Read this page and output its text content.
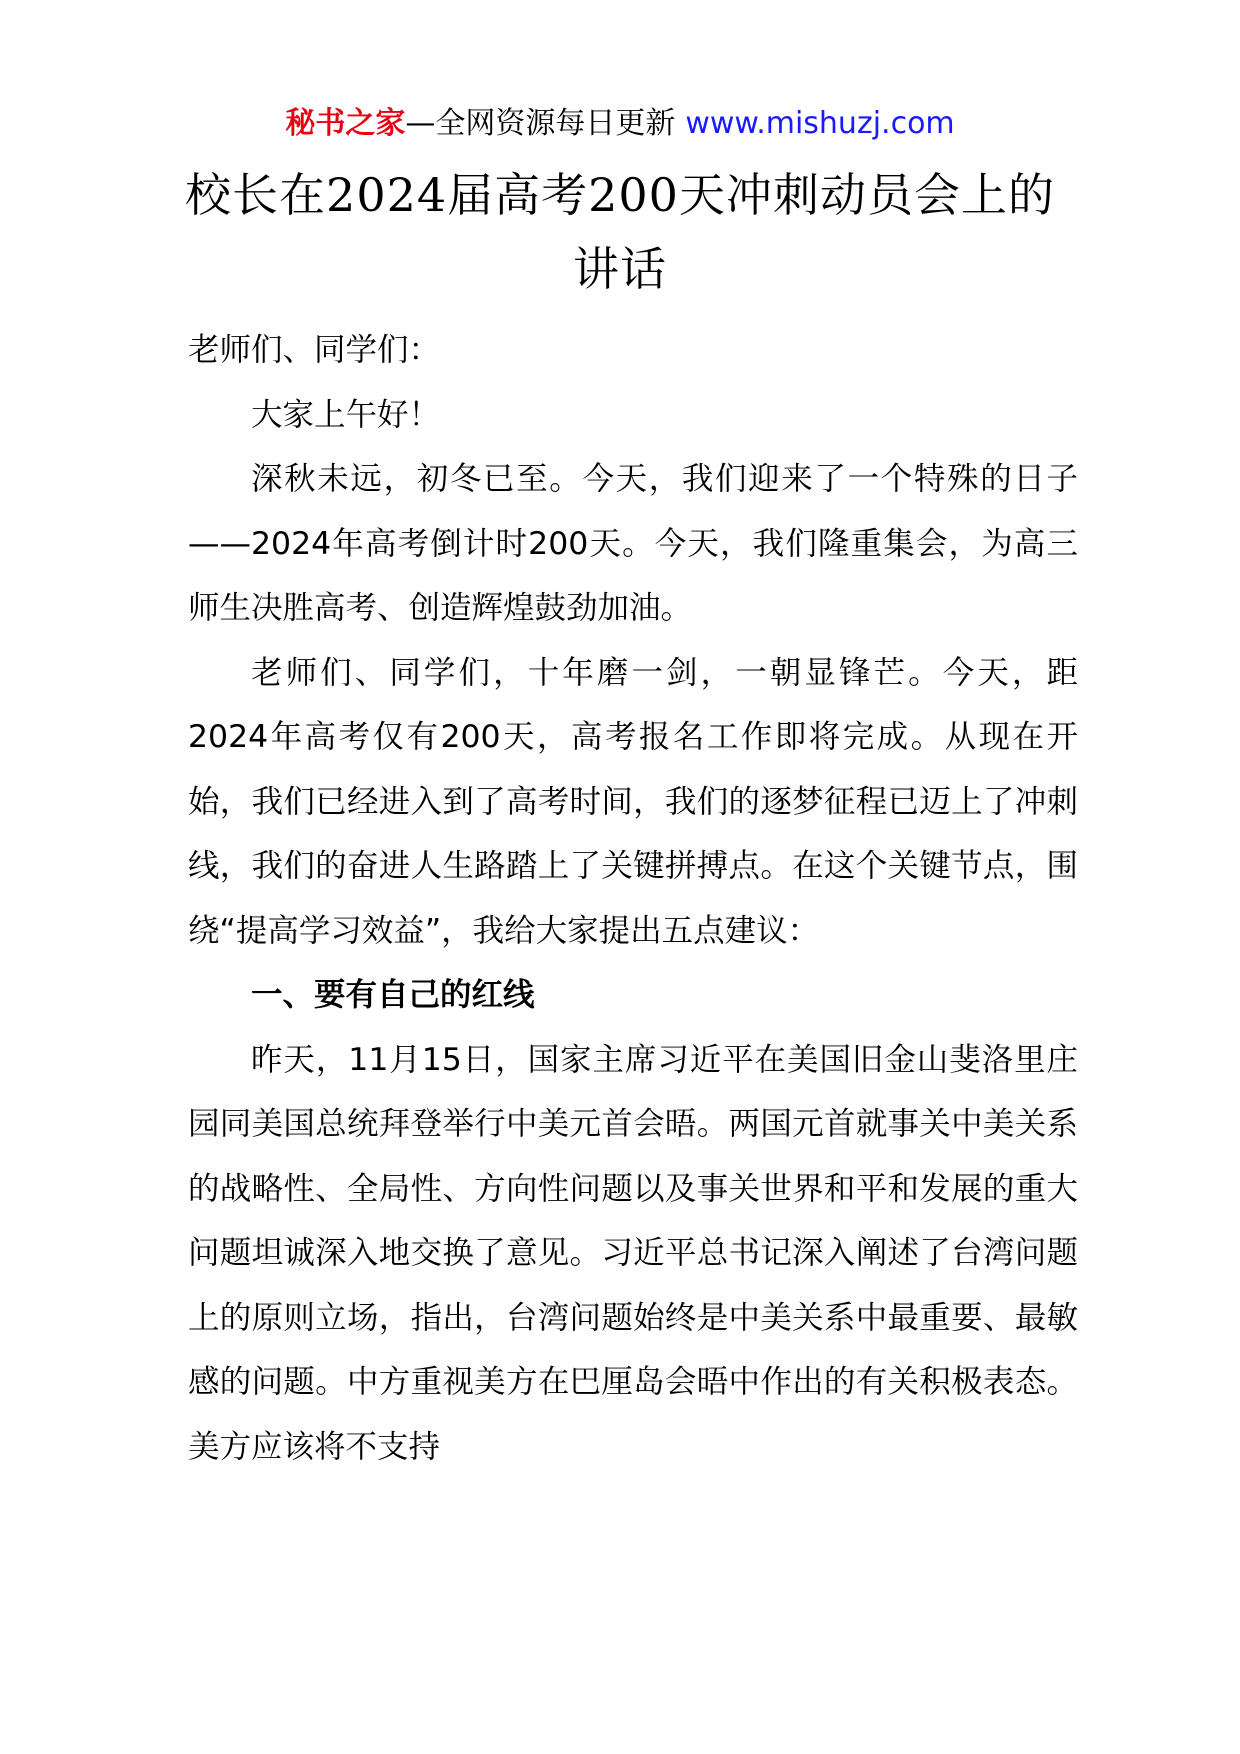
秘书之家—全网资源每日更新 www.mishuzj.com
校长在2024届高考200天冲刺动员会上的
讲话

老师们、同学们：

大家上午好！

深秋未远，初冬已至。今天，我们迎来了一个特殊的日子——2024年高考倒计时200天。今天，我们隆重集会，为高三师生决胜高考、创造辉煌鼓劲加油。

老师们、同学们，十年磨一剑，一朝显锋芒。今天，距2024年高考仅有200天，高考报名工作即将完成。从现在开始，我们已经进入到了高考时间，我们的逐梦征程已迈上了冲刺线，我们的奋进人生路踏上了关键拼搏点。在这个关键节点，围绕“提高学习效益”，我给大家提出五点建议：

一、要有自己的红线

昨天，11月15日，国家主席习近平在美国旧金山斐洛里庄园同美国总统拜登举行中美元首会晤。两国元首就事关中美关系的战略性、全局性、方向性问题以及事关世界和平和发展的重大问题坦诚深入地交换了意见。习近平总书记深入阐述了台湾问题上的原则立场，指出，台湾问题始终是中美关系中最重要、最敏感的问题。中方重视美方在巴厘岛会晤中作出的有关积极表态。美方应该将不支持
